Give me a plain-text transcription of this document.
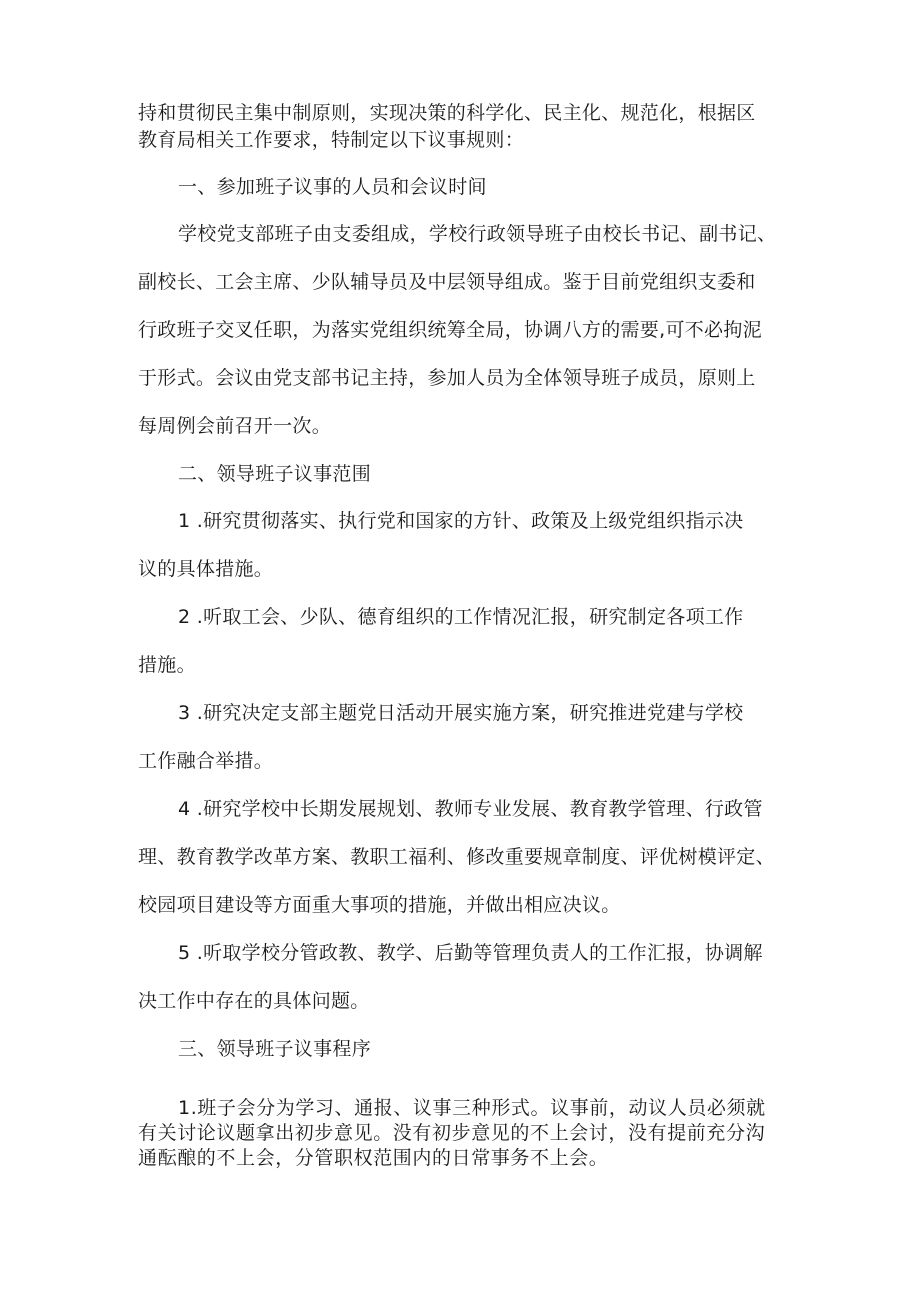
持和贯彻民主集中制原则，实现决策的科学化、民主化、规范化，根据区
教育局相关工作要求，特制定以下议事规则：
一、参加班子议事的人员和会议时间
学校党支部班子由支委组成，学校行政领导班子由校长书记、副书记、
副校长、工会主席、少队辅导员及中层领导组成。鉴于目前党组织支委和
行政班子交叉任职，为落实党组织统筹全局，协调八方的需要,可不必拘泥
于形式。会议由党支部书记主持，参加人员为全体领导班子成员，原则上
每周例会前召开一次。
二、领导班子议事范围
1 .研究贯彻落实、执行党和国家的方针、政策及上级党组织指示决
议的具体措施。
2 .听取工会、少队、德育组织的工作情况汇报，研究制定各项工作
措施。
3 .研究决定支部主题党日活动开展实施方案，研究推进党建与学校
工作融合举措。
4 .研究学校中长期发展规划、教师专业发展、教育教学管理、行政管
理、教育教学改革方案、教职工福利、修改重要规章制度、评优树模评定、
校园项目建设等方面重大事项的措施，并做出相应决议。
5 .听取学校分管政教、教学、后勤等管理负责人的工作汇报，协调解
决工作中存在的具体问题。
三、领导班子议事程序
1.班子会分为学习、通报、议事三种形式。议事前，动议人员必须就
有关讨论议题拿出初步意见。没有初步意见的不上会讨，没有提前充分沟
通酝酿的不上会，分管职权范围内的日常事务不上会。
